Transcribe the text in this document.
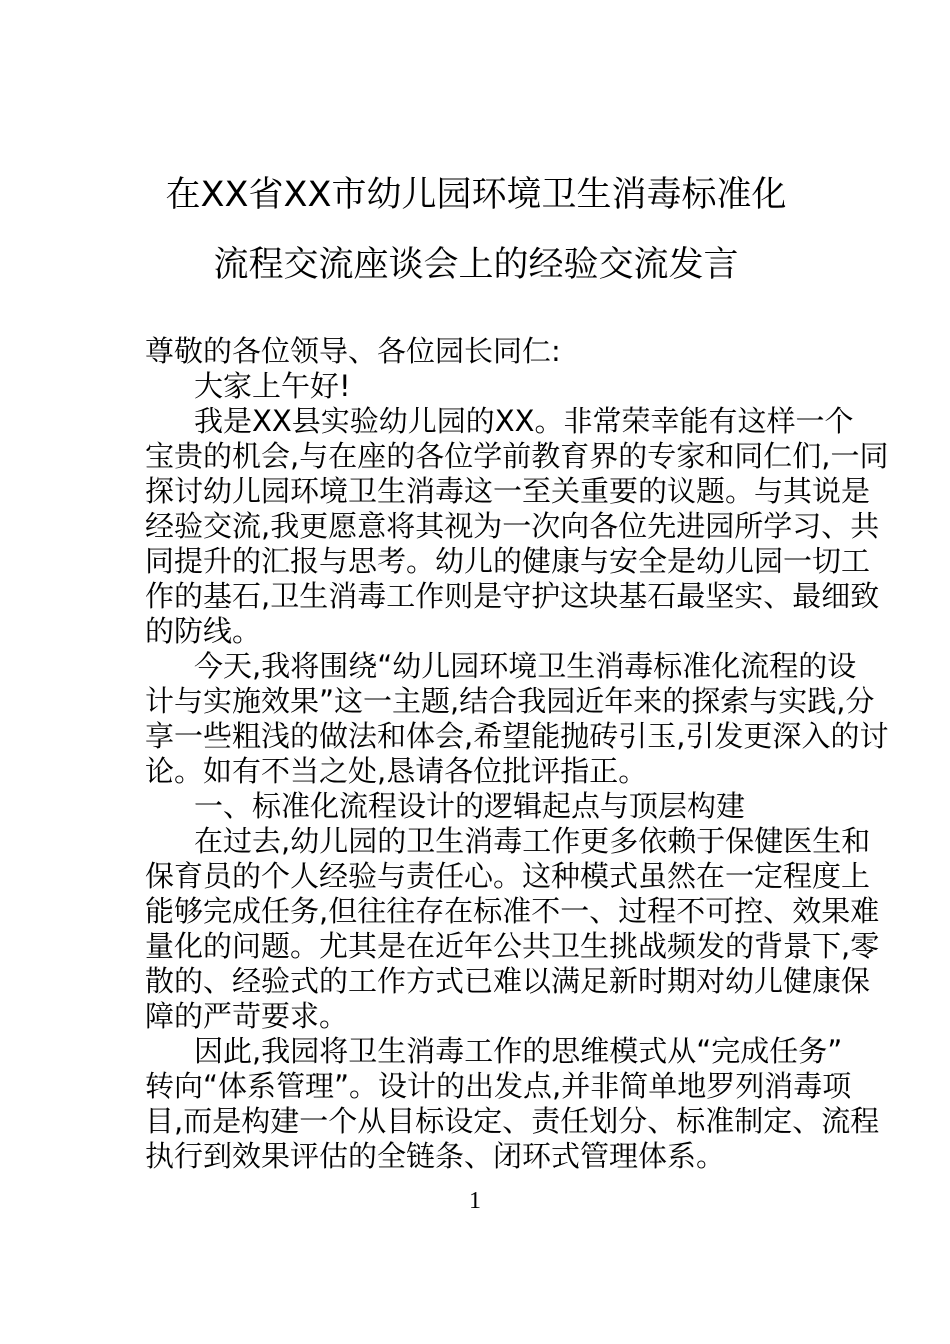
在XX省XX市幼儿园环境卫生消毒标准化
流程交流座谈会上的经验交流发言
尊敬的各位领导、各位园长同仁:
大家上午好!
我是XX县实验幼儿园的XX。非常荣幸能有这样一个
宝贵的机会,与在座的各位学前教育界的专家和同仁们,一同
探讨幼儿园环境卫生消毒这一至关重要的议题。与其说是
经验交流,我更愿意将其视为一次向各位先进园所学习、共
同提升的汇报与思考。幼儿的健康与安全是幼儿园一切工
作的基石,卫生消毒工作则是守护这块基石最坚实、最细致
的防线。
今天,我将围绕“幼儿园环境卫生消毒标准化流程的设
计与实施效果”这一主题,结合我园近年来的探索与实践,分
享一些粗浅的做法和体会,希望能抛砖引玉,引发更深入的讨
论。如有不当之处,恳请各位批评指正。
一、标准化流程设计的逻辑起点与顶层构建
在过去,幼儿园的卫生消毒工作更多依赖于保健医生和
保育员的个人经验与责任心。这种模式虽然在一定程度上
能够完成任务,但往往存在标准不一、过程不可控、效果难
量化的问题。尤其是在近年公共卫生挑战频发的背景下,零
散的、经验式的工作方式已难以满足新时期对幼儿健康保
障的严苛要求。
因此,我园将卫生消毒工作的思维模式从“完成任务”
转向“体系管理”。设计的出发点,并非简单地罗列消毒项
目,而是构建一个从目标设定、责任划分、标准制定、流程
执行到效果评估的全链条、闭环式管理体系。
1
